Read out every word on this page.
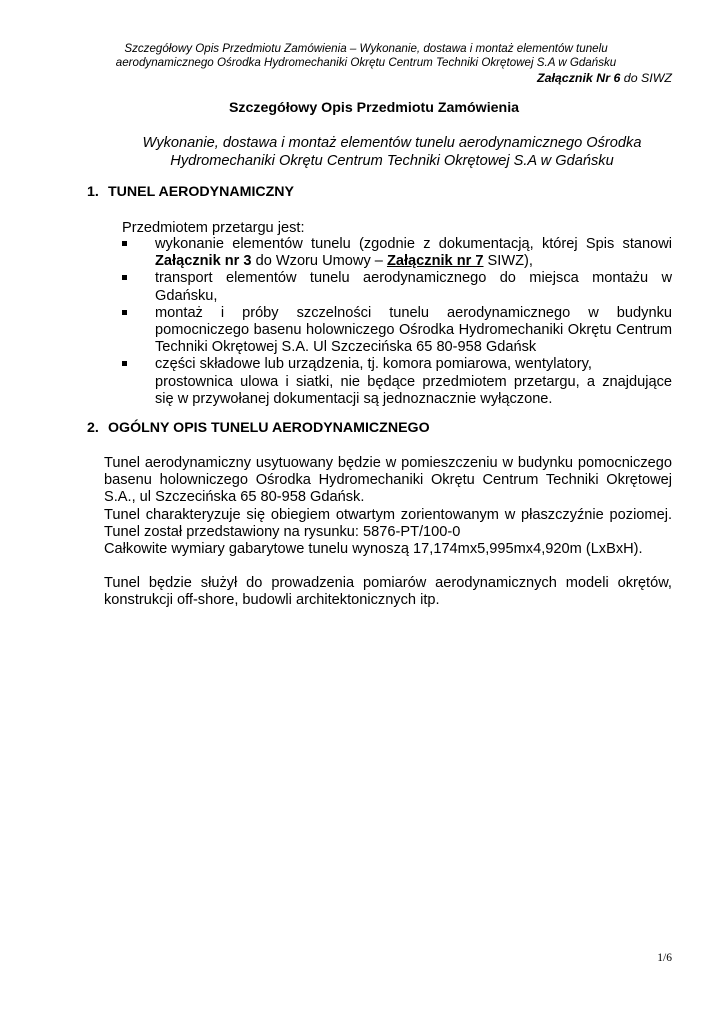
Szczegółowy Opis Przedmiotu Zamówienia – Wykonanie, dostawa i montaż elementów tunelu
aerodynamicznego Ośrodka Hydromechaniki Okrętu Centrum Techniki Okrętowej S.A w Gdańsku
Załącznik Nr 6 do SIWZ
Szczegółowy Opis Przedmiotu Zamówienia
Wykonanie, dostawa i montaż elementów tunelu aerodynamicznego Ośrodka
Hydromechaniki Okrętu Centrum Techniki Okrętowej S.A w Gdańsku
1. TUNEL AERODYNAMICZNY
Przedmiotem przetargu jest:
wykonanie elementów tunelu (zgodnie z dokumentacją, której Spis stanowi
Załącznik nr 3 do Wzoru Umowy – Załącznik nr 7 SIWZ),
transport elementów tunelu aerodynamicznego do miejsca montażu w
Gdańsku,
montaż i próby szczelności tunelu aerodynamicznego w budynku
pomocniczego basenu holowniczego Ośrodka Hydromechaniki Okrętu Centrum
Techniki Okrętowej S.A. Ul Szczecińska 65 80-958 Gdańsk
części składowe lub urządzenia, tj. komora pomiarowa, wentylatory,
prostownica ulowa i siatki, nie będące przedmiotem przetargu, a znajdujące
się w przywołanej dokumentacji są jednoznacznie wyłączone.
2. OGÓLNY OPIS TUNELU AERODYNAMICZNEGO
Tunel aerodynamiczny usytuowany będzie w pomieszczeniu w budynku pomocniczego
basenu holowniczego Ośrodka Hydromechaniki Okrętu Centrum Techniki Okrętowej
S.A., ul Szczecińska 65 80-958 Gdańsk.
Tunel charakteryzuje się obiegiem otwartym zorientowanym w płaszczyźnie poziomej.
Tunel został przedstawiony na rysunku: 5876-PT/100-0
Całkowite wymiary gabarytowe tunelu wynoszą 17,174mx5,995mx4,920m (LxBxH).
Tunel będzie służył do prowadzenia pomiarów aerodynamicznych modeli okrętów,
konstrukcji off-shore, budowli architektonicznych itp.
1/6
